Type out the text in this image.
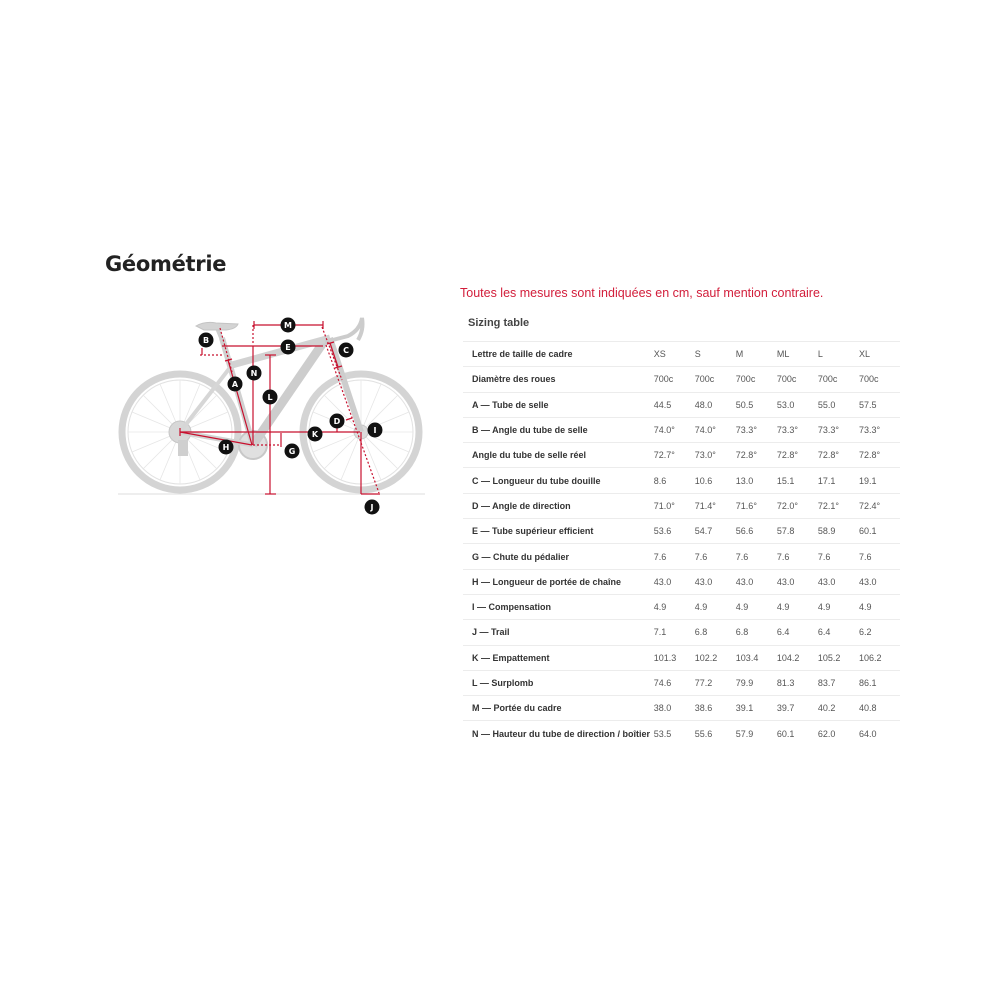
Géométrie
B
M
E	C
N
A
L
D
I
K
H	G
J
Toutes les mesures sont indiquées en cm, sauf mention contraire.
Sizing table
Lettre de taille de cadre	XS	S	M	ML	L	XL
Diamètre des roues	700c	700c	700c	700c	700c	700c
A — Tube de selle	44.5	48.0	50.5	53.0	55.0	57.5
B — Angle du tube de selle	74.0°	74.0°	73.3°	73.3°	73.3°	73.3°
Angle du tube de selle réel	72.7°	73.0°	72.8°	72.8°	72.8°	72.8°
C — Longueur du tube douille	8.6	10.6	13.0	15.1	17.1	19.1
D — Angle de direction	71.0°	71.4°	71.6°	72.0°	72.1°	72.4°
E — Tube supérieur efficient	53.6	54.7	56.6	57.8	58.9	60.1
G — Chute du pédalier	7.6	7.6	7.6	7.6	7.6	7.6
H — Longueur de portée de chaîne	43.0	43.0	43.0	43.0	43.0	43.0
I — Compensation	4.9	4.9	4.9	4.9	4.9	4.9
J — Trail	7.1	6.8	6.8	6.4	6.4	6.2
K — Empattement	101.3	102.2	103.4	104.2	105.2	106.2
L — Surplomb	74.6	77.2	79.9	81.3	83.7	86.1
M — Portée du cadre	38.0	38.6	39.1	39.7	40.2	40.8
N — Hauteur du tube de direction / boîtier	53.5	55.6	57.9	60.1	62.0	64.0
